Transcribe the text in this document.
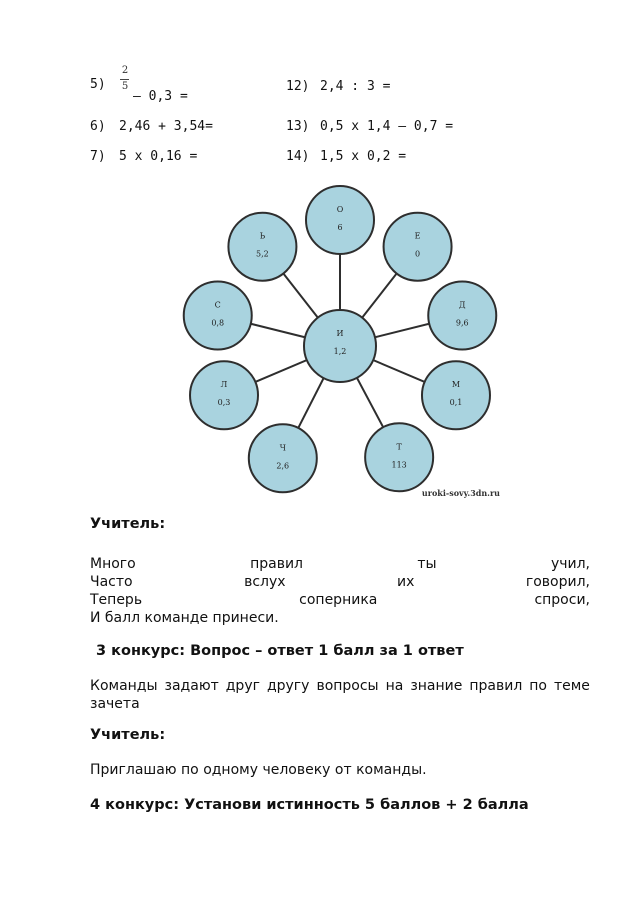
5)
2
5
– 0,3 =
6) 2,46 + 3,54=
7) 5 x 0,16 =
12) 2,4 : 3 =
13) 0,5 x 1,4 – 0,7 =
14) 1,5 x 0,2 =
О
6
Е
0
Д
9,6
М
0,1
Т
113
Ч
2,6
Л
0,3
С
0,8
Ь
5,2
И
1,2
uroki-sovy.3dn.ru
Учитель:
Много	правил	ты	учил,
Часто	вслух	их	говорил,
Теперь	соперника	спроси,
И балл команде принеси.
3 конкурс: Вопрос – ответ 1 балл за 1 ответ
Команды задают друг другу вопросы на знание правил по теме
зачета
Учитель:
Приглашаю по одному человеку от команды.
4 конкурс: Установи истинность 5 баллов + 2 балла
